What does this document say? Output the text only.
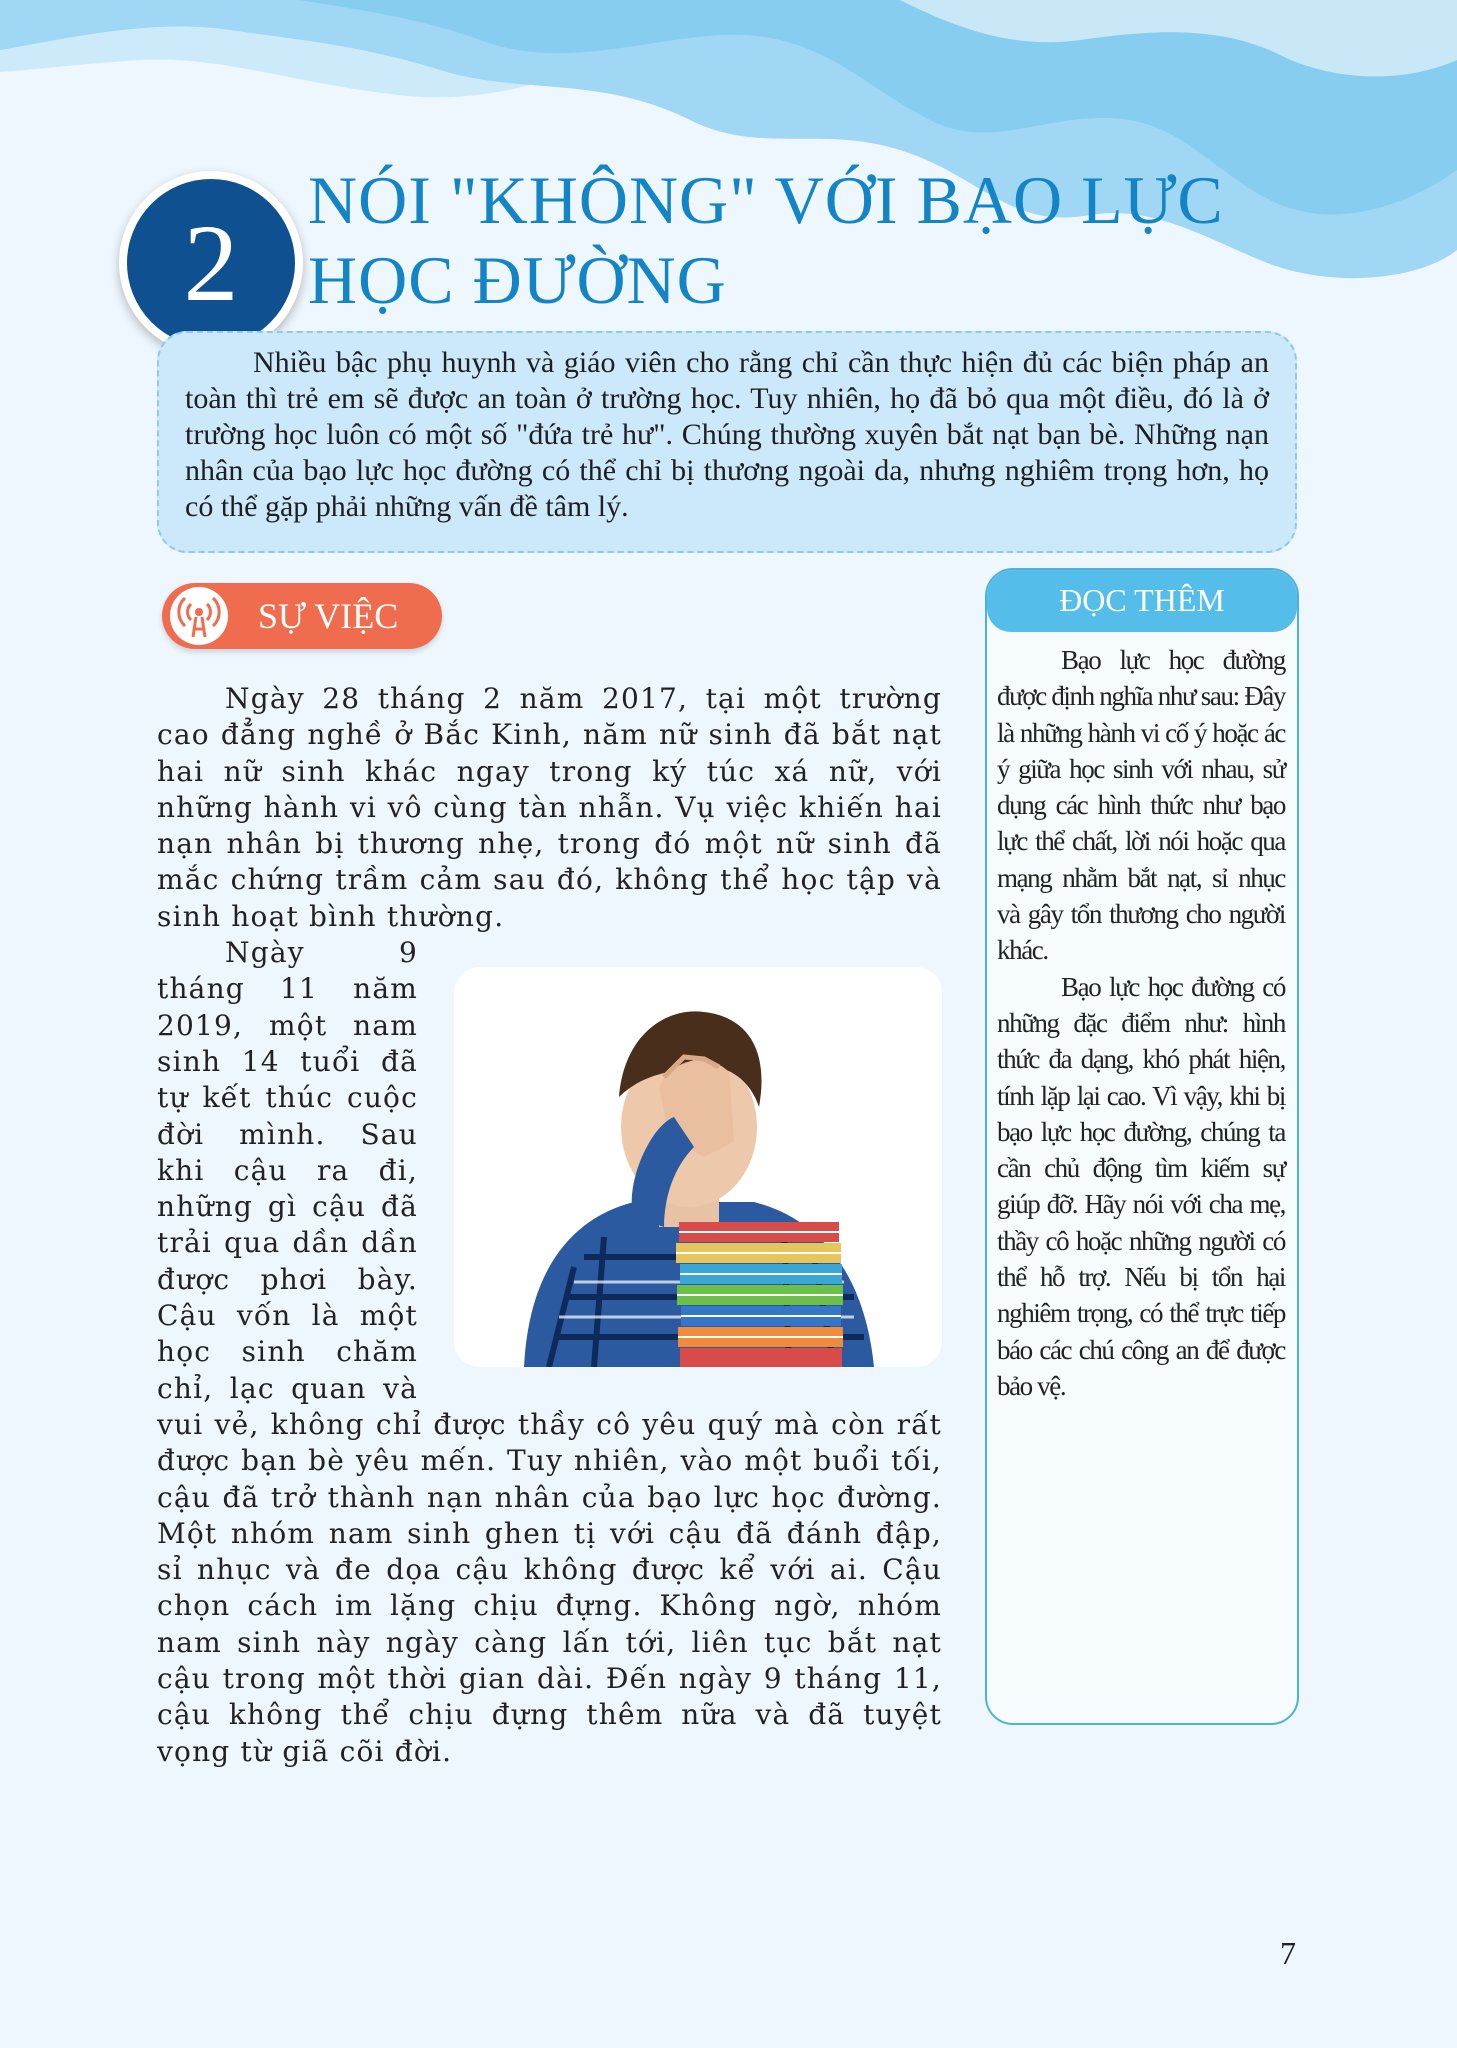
2
NÓI "KHÔNG" VỚI BẠO LỰC
HỌC ĐƯỜNG

Nhiều bậc phụ huynh và giáo viên cho rằng chỉ cần thực hiện đủ các biện pháp an toàn thì trẻ em sẽ được an toàn ở trường học. Tuy nhiên, họ đã bỏ qua một điều, đó là ở trường học luôn có một số "đứa trẻ hư". Chúng thường xuyên bắt nạt bạn bè. Những nạn nhân của bạo lực học đường có thể chỉ bị thương ngoài da, nhưng nghiêm trọng hơn, họ có thể gặp phải những vấn đề tâm lý.

SỰ VIỆC

Ngày 28 tháng 2 năm 2017, tại một trường cao đẳng nghề ở Bắc Kinh, năm nữ sinh đã bắt nạt hai nữ sinh khác ngay trong ký túc xá nữ, với những hành vi vô cùng tàn nhẫn. Vụ việc khiến hai nạn nhân bị thương nhẹ, trong đó một nữ sinh đã mắc chứng trầm cảm sau đó, không thể học tập và sinh hoạt bình thường.

Ngày 9 tháng 11 năm 2019, một nam sinh 14 tuổi đã tự kết thúc cuộc đời mình. Sau khi cậu ra đi, những gì cậu đã trải qua dần dần được phơi bày. Cậu vốn là một học sinh chăm chỉ, lạc quan và vui vẻ, không chỉ được thầy cô yêu quý mà còn rất được bạn bè yêu mến. Tuy nhiên, vào một buổi tối, cậu đã trở thành nạn nhân của bạo lực học đường. Một nhóm nam sinh ghen tị với cậu đã đánh đập, sỉ nhục và đe dọa cậu không được kể với ai. Cậu chọn cách im lặng chịu đựng. Không ngờ, nhóm nam sinh này ngày càng lấn tới, liên tục bắt nạt cậu trong một thời gian dài. Đến ngày 9 tháng 11, cậu không thể chịu đựng thêm nữa và đã tuyệt vọng từ giã cõi đời.

ĐỌC THÊM

Bạo lực học đường được định nghĩa như sau: Đây là những hành vi cố ý hoặc ác ý giữa học sinh với nhau, sử dụng các hình thức như bạo lực thể chất, lời nói hoặc qua mạng nhằm bắt nạt, sỉ nhục và gây tổn thương cho người khác.

Bạo lực học đường có những đặc điểm như: hình thức đa dạng, khó phát hiện, tính lặp lại cao. Vì vậy, khi bị bạo lực học đường, chúng ta cần chủ động tìm kiếm sự giúp đỡ. Hãy nói với cha mẹ, thầy cô hoặc những người có thể hỗ trợ. Nếu bị tổn hại nghiêm trọng, có thể trực tiếp báo các chú công an để được bảo vệ.

7
